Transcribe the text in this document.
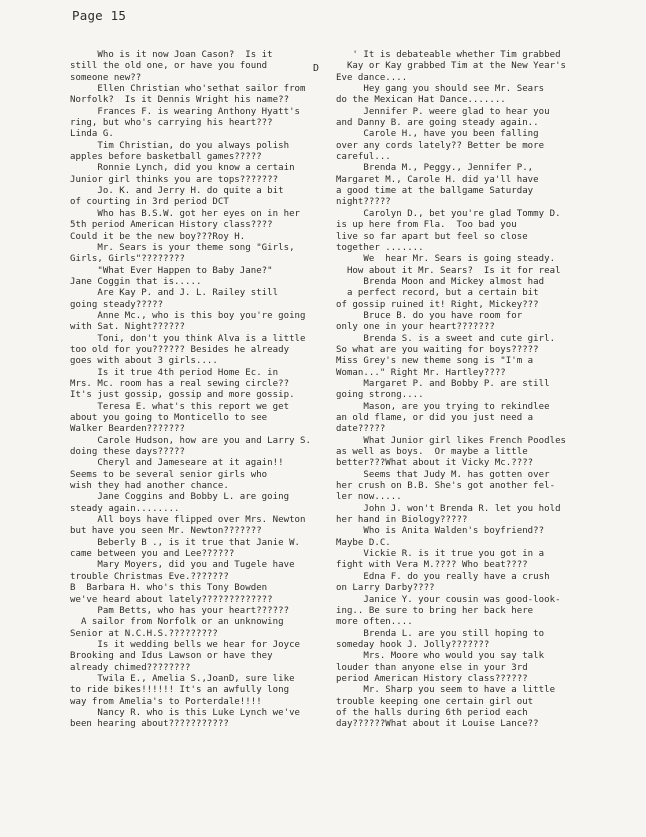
Page 15
D
Who is it now Joan Cason?  Is it
still the old one, or have you found
someone new??
Ellen Christian who'sethat sailor from
Norfolk?  Is it Dennis Wright his name??
Frances F. is wearing Anthony Hyatt's
ring, but who's carrying his heart???
Linda G.
Tim Christian, do you always polish
apples before basketball games?????
Ronnie Lynch, did you know a certain
Junior girl thinks you are tops???????
Jo. K. and Jerry H. do quite a bit
of courting in 3rd period DCT
Who has B.S.W. got her eyes on in her
5th period American History class????
Could it be the new boy???Roy H.
Mr. Sears is your theme song "Girls,
Girls, Girls"????????
"What Ever Happen to Baby Jane?"
Jane Coggin that is.....
Are Kay P. and J. L. Railey still
going steady?????
Anne Mc., who is this boy you're going
with Sat. Night??????
Toni, don't you think Alva is a little
too old for you?????? Besides he already
goes with about 3 girls....
Is it true 4th period Home Ec. in
Mrs. Mc. room has a real sewing circle??
It's just gossip, gossip and more gossip.
Teresa E. what's this report we get
about you going to Monticello to see
Walker Bearden???????
Carole Hudson, how are you and Larry S.
doing these days?????
Cheryl and Jameseare at it again!!
Seems to be several senior girls who
wish they had another chance.
Jane Coggins and Bobby L. are going
steady again........
All boys have flipped over Mrs. Newton
but have you seen Mr. Newton???????
Beberly B ., is it true that Janie W.
came between you and Lee??????
Mary Moyers, did you and Tugele have
trouble Christmas Eve.???????
B  Barbara H. who's this Tony Bowden
we've heard about lately?????????????
Pam Betts, who has your heart??????
A sailor from Norfolk or an unknowing
Senior at N.C.H.S.?????????
Is it wedding bells we hear for Joyce
Brooking and Idus Lawson or have they
already chimed????????
Twila E., Amelia S.,JoanD, sure like
to ride bikes!!!!!! It's an awfully long
way from Amelia's to Porterdale!!!!
Nancy R. who is this Luke Lynch we've
been hearing about???????????
' It is debateable whether Tim grabbed
Kay or Kay grabbed Tim at the New Year's
Eve dance....
Hey gang you should see Mr. Sears
do the Mexican Hat Dance.......
Jennifer P. weere glad to hear you
and Danny B. are going steady again..
Carole H., have you been falling
over any cords lately?? Better be more
careful...
Brenda M., Peggy., Jennifer P.,
Margaret M., Carole H. did ya'll have
a good time at the ballgame Saturday
night?????
Carolyn D., bet you're glad Tommy D.
is up here from Fla.  Too bad you
live so far apart but feel so close
together .......
We  hear Mr. Sears is going steady.
How about it Mr. Sears?  Is it for real
Brenda Moon and Mickey almost had
a perfect record, but a certain bit
of gossip ruined it! Right, Mickey???
Bruce B. do you have room for
only one in your heart???????
Brenda S. is a sweet and cute girl.
So what are you waiting for boys?????
Miss Grey's new theme song is "I'm a
Woman..." Right Mr. Hartley????
Margaret P. and Bobby P. are still
going strong....
Mason, are you trying to rekindlee
an old flame, or did you just need a
date?????
What Junior girl likes French Poodles
as well as boys.  Or maybe a little
better???What about it Vicky Mc.????
Seems that Judy M. has gotten over
her crush on B.B. She's got another fel-
ler now.....
John J. won't Brenda R. let you hold
her hand in Biology?????
Who is Anita Walden's boyfriend??
Maybe D.C.
Vickie R. is it true you got in a
fight with Vera M.???? Who beat????
Edna F. do you really have a crush
on Larry Darby????
Janice Y. your cousin was good-look-
ing.. Be sure to bring her back here
more often....
Brenda L. are you still hoping to
someday hook J. Jolly???????
Mrs. Moore who would you say talk
louder than anyone else in your 3rd
period American History class??????
Mr. Sharp you seem to have a little
trouble keeping one certain girl out
of the halls during 6th period each
day??????What about it Louise Lance??
